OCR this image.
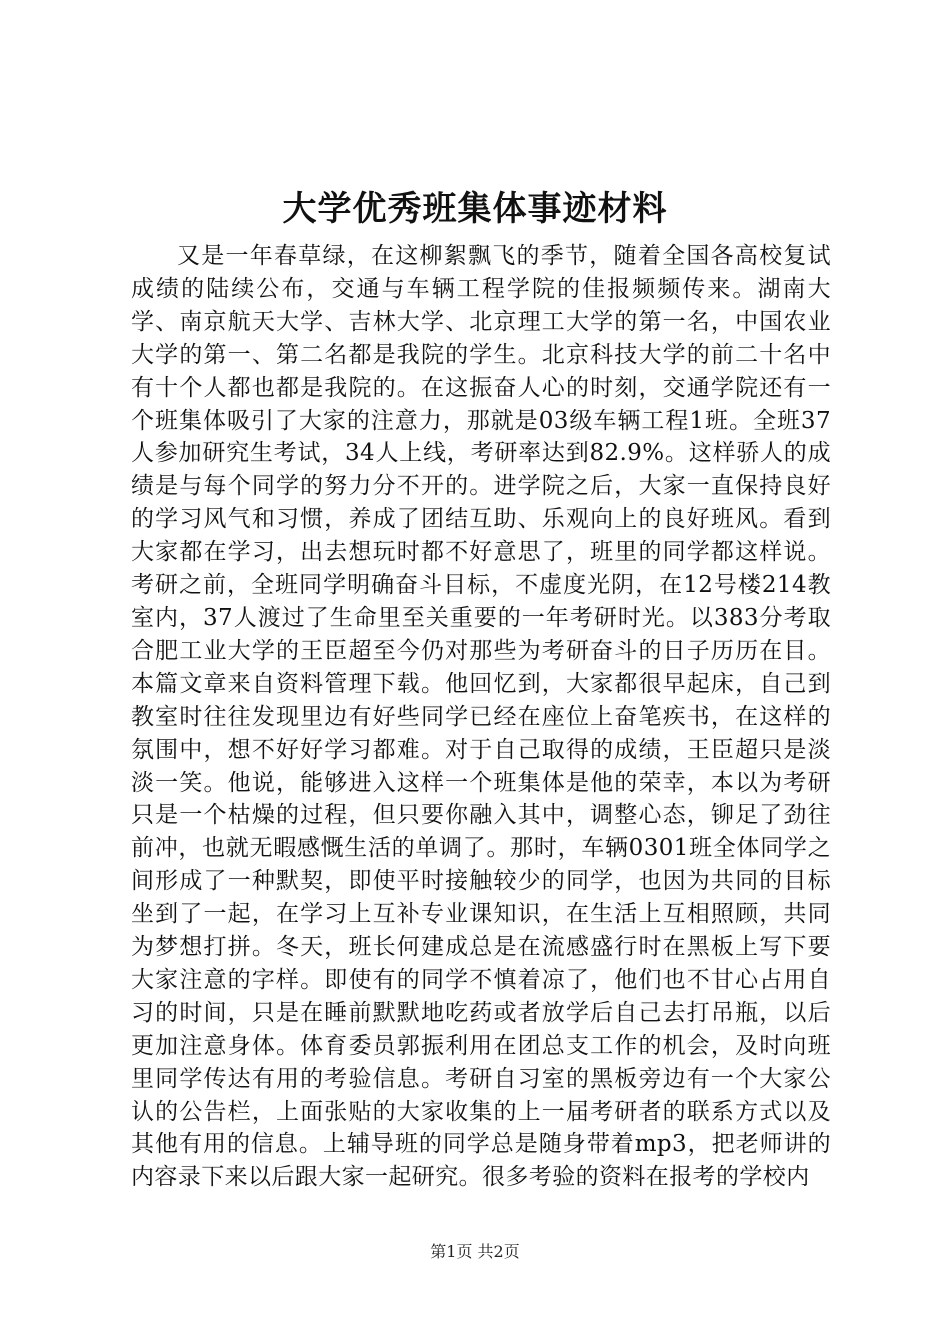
大学优秀班集体事迹材料

又是一年春草绿，在这柳絮飘飞的季节，随着全国各高校复试成绩的陆续公布，交通与车辆工程学院的佳报频频传来。湖南大学、南京航天大学、吉林大学、北京理工大学的第一名，中国农业大学的第一、第二名都是我院的学生。北京科技大学的前二十名中有十个人都也都是我院的。在这振奋人心的时刻，交通学院还有一个班集体吸引了大家的注意力，那就是03级车辆工程1班。全班37人参加研究生考试，34人上线，考研率达到82.9%。这样骄人的成绩是与每个同学的努力分不开的。进学院之后，大家一直保持良好的学习风气和习惯，养成了团结互助、乐观向上的良好班风。看到大家都在学习，出去想玩时都不好意思了，班里的同学都这样说。考研之前，全班同学明确奋斗目标，不虚度光阴，在12号楼214教室内，37人渡过了生命里至关重要的一年考研时光。以383分考取合肥工业大学的王臣超至今仍对那些为考研奋斗的日子历历在目。本篇文章来自资料管理下载。他回忆到，大家都很早起床，自己到教室时往往发现里边有好些同学已经在座位上奋笔疾书，在这样的氛围中，想不好好学习都难。对于自己取得的成绩，王臣超只是淡淡一笑。他说，能够进入这样一个班集体是他的荣幸，本以为考研只是一个枯燥的过程，但只要你融入其中，调整心态，铆足了劲往前冲，也就无暇感慨生活的单调了。那时，车辆0301班全体同学之间形成了一种默契，即使平时接触较少的同学，也因为共同的目标坐到了一起，在学习上互补专业课知识，在生活上互相照顾，共同为梦想打拼。冬天，班长何建成总是在流感盛行时在黑板上写下要大家注意的字样。即使有的同学不慎着凉了，他们也不甘心占用自习的时间，只是在睡前默默地吃药或者放学后自己去打吊瓶，以后更加注意身体。体育委员郭振利用在团总支工作的机会，及时向班里同学传达有用的考验信息。考研自习室的黑板旁边有一个大家公认的公告栏，上面张贴的大家收集的上一届考研者的联系方式以及其他有用的信息。上辅导班的同学总是随身带着mp3，把老师讲的内容录下来以后跟大家一起研究。很多考验的资料在报考的学校内

第1页 共2页
